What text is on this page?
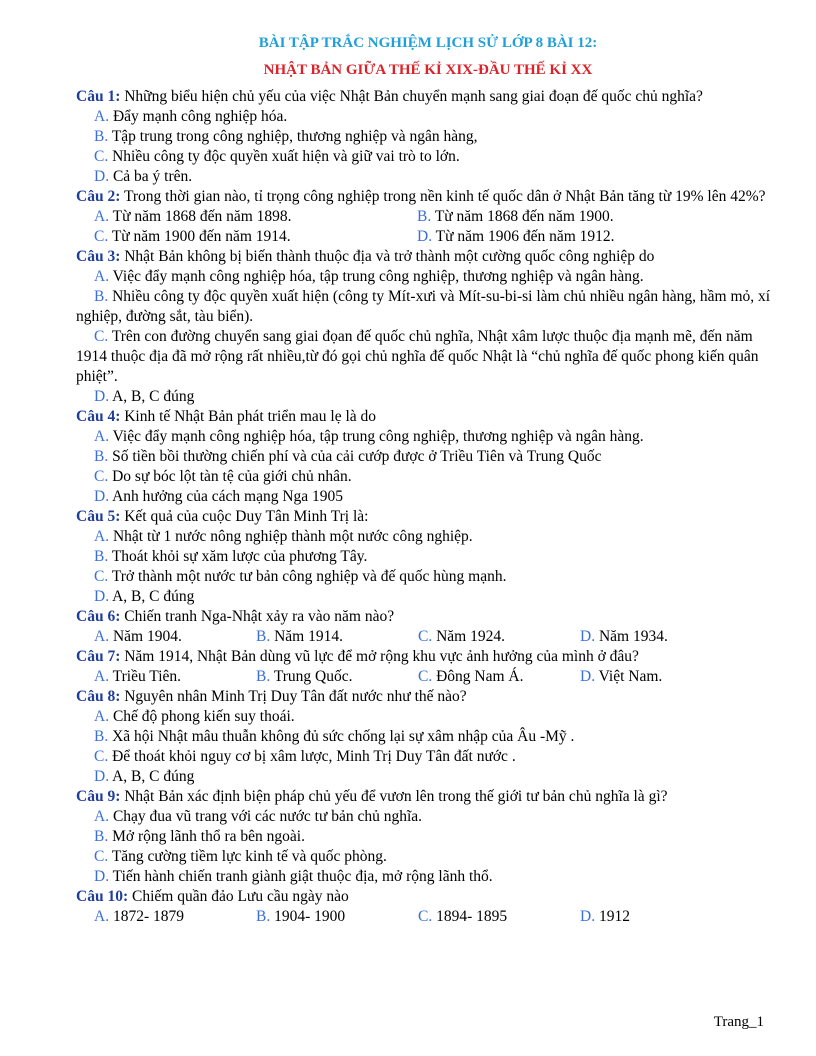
BÀI TẬP TRẮC NGHIỆM LỊCH SỬ LỚP 8 BÀI 12:
NHẬT BẢN GIỮA THẾ KỈ XIX-ĐẦU THẾ KỈ XX
Câu 1: Những biểu hiện chủ yếu của việc Nhật Bản chuyển mạnh sang giai đoạn đế quốc chủ nghĩa?
A. Đẩy mạnh công nghiệp hóa.
B. Tập trung trong công nghiệp, thương nghiệp và ngân hàng,
C. Nhiều công ty độc quyền xuất hiện và giữ vai trò to lớn.
D. Cả ba ý trên.
Câu 2: Trong thời gian nào, tỉ trọng công nghiệp trong nền kinh tế quốc dân ở Nhật Bản tăng từ 19% lên 42%?
A. Từ năm 1868 đến năm 1898.	B. Từ năm 1868 đến năm 1900.
C. Từ năm 1900 đến năm 1914.	D. Từ năm 1906 đến năm 1912.
Câu 3: Nhật Bản không bị biến thành thuộc địa và trở thành một cường quốc công nghiệp do
A. Việc đẩy mạnh công nghiệp hóa, tập trung công nghiệp, thương nghiệp và ngân hàng.
B. Nhiều công ty độc quyền xuất hiện (công ty Mít-xưi và Mít-su-bi-si làm chủ nhiều ngân hàng, hầm mỏ, xí nghiệp, đường sắt, tàu biển).
C. Trên con đường chuyển sang giai đọan đế quốc chủ nghĩa, Nhật xâm lược thuộc địa mạnh mẽ, đến năm 1914 thuộc địa đã mở rộng rất nhiều,từ đó gọi chủ nghĩa đế quốc Nhật là “chủ nghĩa đế quốc phong kiến quân phiệt”.
D. A, B, C đúng
Câu 4: Kinh tế Nhật Bản phát triển mau lẹ là do
A. Việc đẩy mạnh công nghiệp hóa, tập trung công nghiệp, thương nghiệp và ngân hàng.
B. Số tiền bồi thường chiến phí và của cải cướp được ở Triều Tiên và Trung Quốc
C. Do sự bóc lột tàn tệ của giới chủ nhân.
D. Anh hưởng của cách mạng Nga 1905
Câu 5: Kết quả của cuộc Duy Tân Minh Trị là:
A. Nhật từ 1 nước nông nghiệp thành một nước công nghiệp.
B. Thoát khỏi sự xăm lược của phương Tây.
C. Trở thành một nước tư bản công nghiệp và đế quốc hùng mạnh.
D. A, B, C đúng
Câu 6: Chiến tranh Nga-Nhật xảy ra vào năm nào?
A. Năm 1904.	B. Năm 1914.	C. Năm 1924.	D. Năm 1934.
Câu 7: Năm 1914, Nhật Bản dùng vũ lực để mở rộng khu vực ảnh hưởng của mình ở đâu?
A. Triều Tiên.	B. Trung Quốc.	C. Đông Nam Á.	D. Việt Nam.
Câu 8: Nguyên nhân Minh Trị Duy Tân đất nước như thế nào?
A. Chế độ phong kiến suy thoái.
B. Xã hội Nhật mâu thuẫn không đủ sức chống lại sự xâm nhập của Âu -Mỹ .
C. Để thoát khỏi nguy cơ bị xâm lược, Minh Trị Duy Tân đất nước .
D. A, B, C đúng
Câu 9: Nhật Bản xác định biện pháp chủ yếu để vươn lên trong thế giới tư bản chủ nghĩa là gì?
A. Chạy đua vũ trang với các nước tư bản chủ nghĩa.
B. Mở rộng lãnh thổ ra bên ngoài.
C. Tăng cường tiềm lực kinh tế và quốc phòng.
D. Tiến hành chiến tranh giành giật thuộc địa, mở rộng lãnh thổ.
Câu 10: Chiếm quần đảo Lưu cầu ngày nào
A. 1872- 1879	B. 1904- 1900	C. 1894- 1895	D. 1912
Trang_1
